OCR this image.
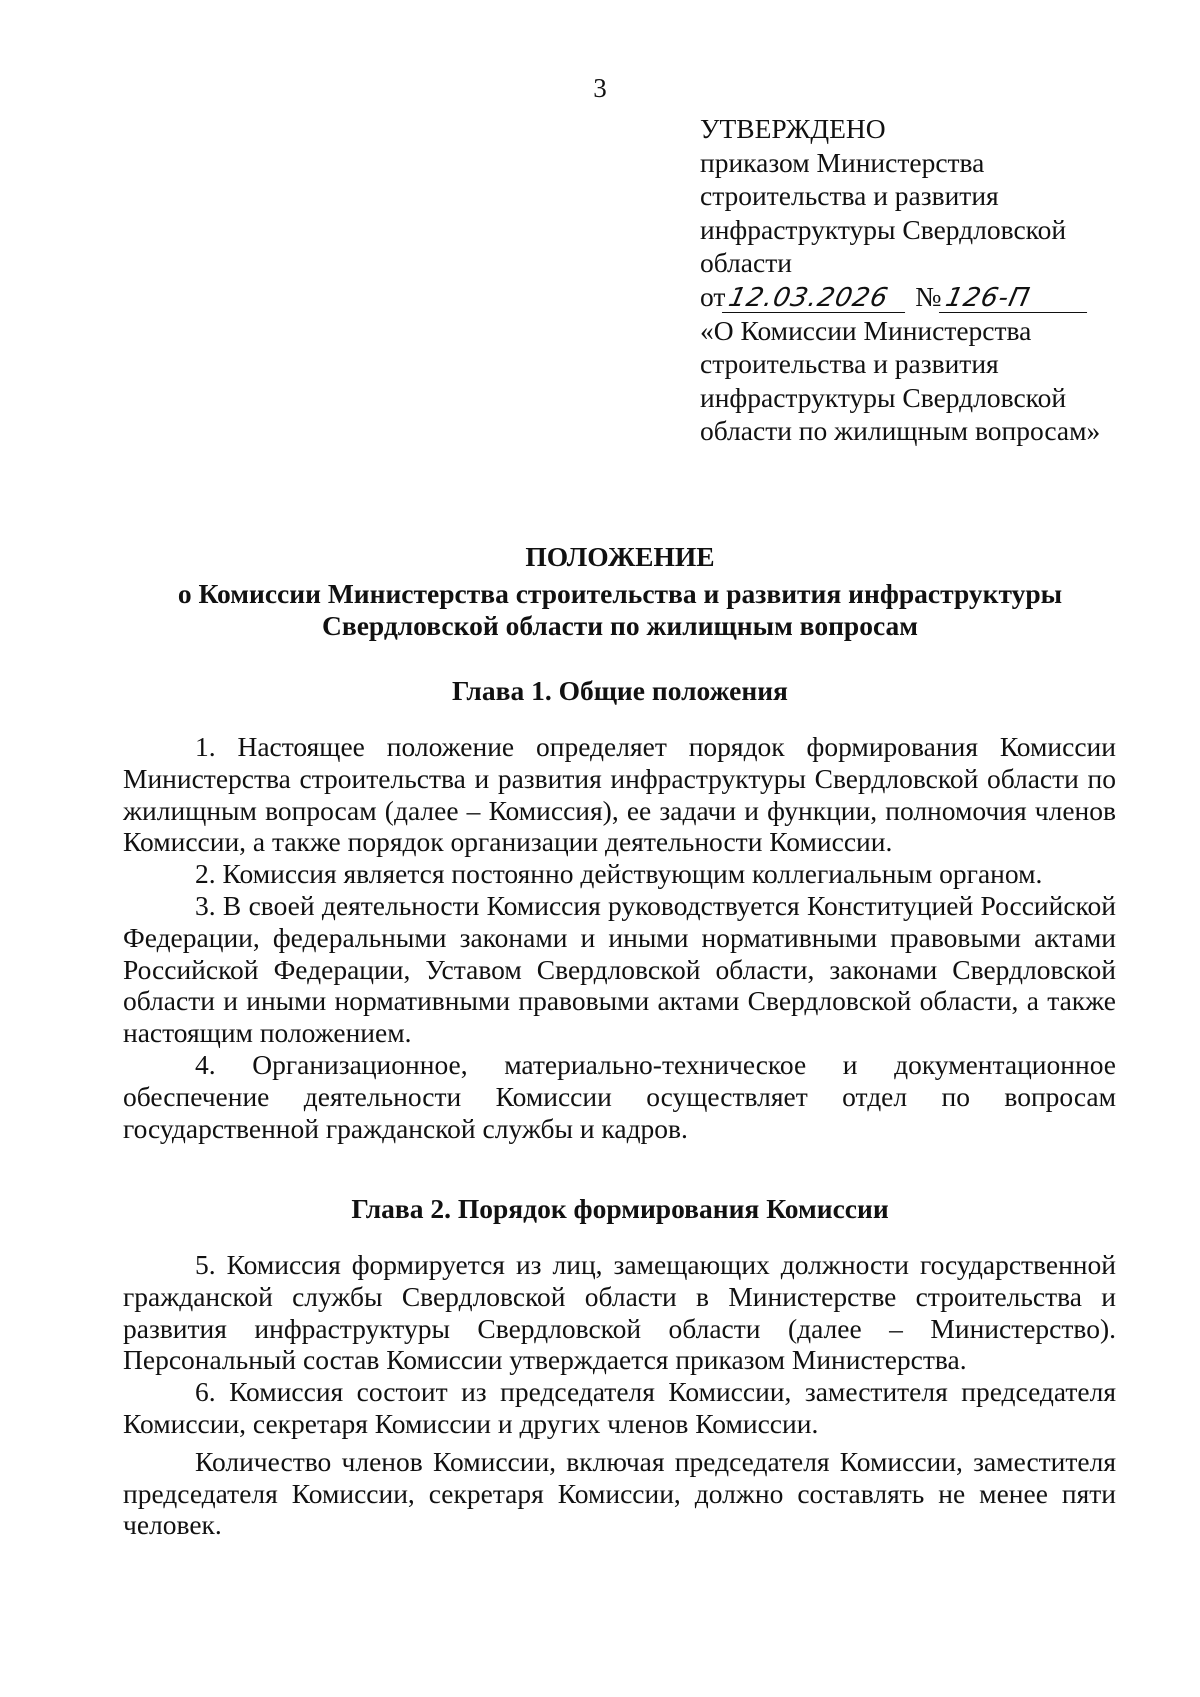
3
УТВЕРЖДЕНО
приказом Министерства
строительства и развития
инфраструктуры Свердловской
области
от12.03.2026 №126-П
«О Комиссии Министерства
строительства и развития
инфраструктуры Свердловской
области по жилищным вопросам»
ПОЛОЖЕНИЕ
о Комиссии Министерства строительства и развития инфраструктуры
Свердловской области по жилищным вопросам
Глава 1. Общие положения

1. Настоящее положение определяет порядок формирования Комиссии Министерства строительства и развития инфраструктуры Свердловской области по жилищным вопросам (далее – Комиссия), ее задачи и функции, полномочия членов Комиссии, а также порядок организации деятельности Комиссии.

2. Комиссия является постоянно действующим коллегиальным органом.

3. В своей деятельности Комиссия руководствуется Конституцией Российской Федерации, федеральными законами и иными нормативными правовыми актами Российской Федерации, Уставом Свердловской области, законами Свердловской области и иными нормативными правовыми актами Свердловской области, а также настоящим положением.

4. Организационное, материально-техническое и документационное обеспечение деятельности Комиссии осуществляет отдел по вопросам государственной гражданской службы и кадров.

Глава 2. Порядок формирования Комиссии

5. Комиссия формируется из лиц, замещающих должности государственной гражданской службы Свердловской области в Министерстве строительства и развития инфраструктуры Свердловской области (далее – Министерство). Персональный состав Комиссии утверждается приказом Министерства.

6. Комиссия состоит из председателя Комиссии, заместителя председателя Комиссии, секретаря Комиссии и других членов Комиссии.

Количество членов Комиссии, включая председателя Комиссии, заместителя председателя Комиссии, секретаря Комиссии, должно составлять не менее пяти человек.
